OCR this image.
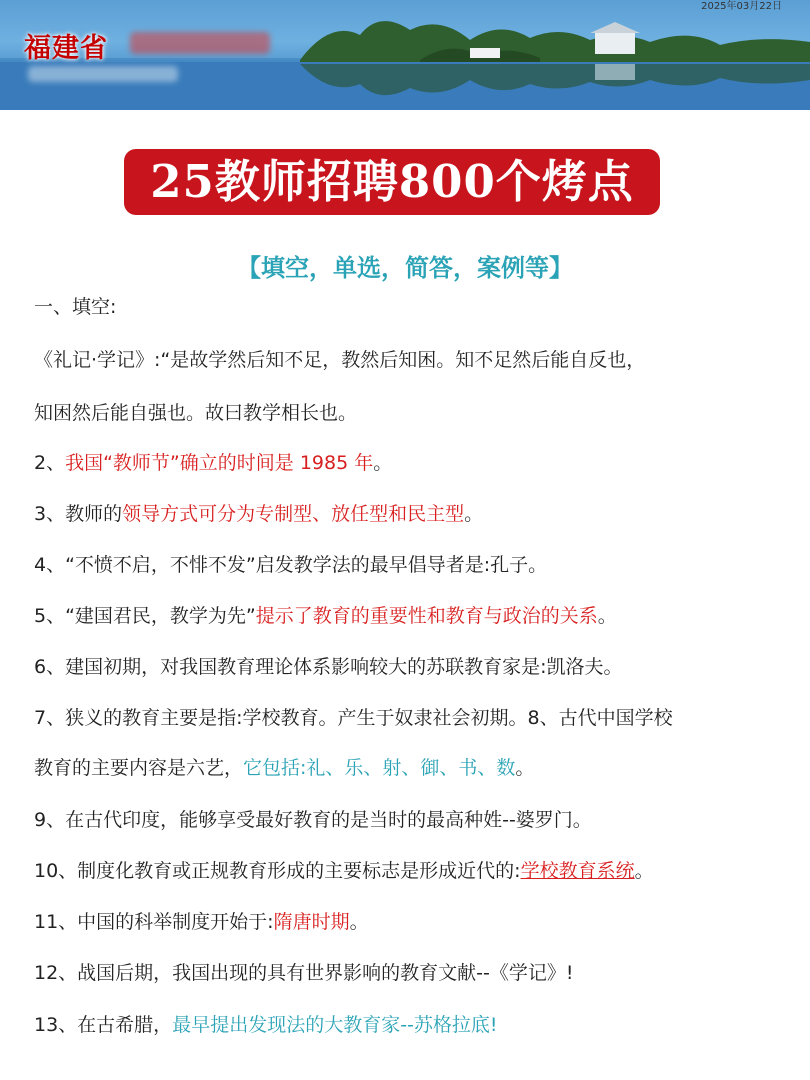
福建省
2025年03月22日
25教师招聘800个烤点
【填空，单选，简答，案例等】
一、填空:
《礼记·学记》:“是故学然后知不足，教然后知困。知不足然后能自反也，
知困然后能自强也。故曰教学相长也。
2、我国“教师节”确立的时间是 1985 年。
3、教师的领导方式可分为专制型、放任型和民主型。
4、“不愤不启，不悱不发”启发教学法的最早倡导者是:孔子。
5、“建国君民，教学为先”提示了教育的重要性和教育与政治的关系。
6、建国初期，对我国教育理论体系影响较大的苏联教育家是:凯洛夫。
7、狭义的教育主要是指:学校教育。产生于奴隶社会初期。8、古代中国学校
教育的主要内容是六艺，它包括:礼、乐、射、御、书、数。
9、在古代印度，能够享受最好教育的是当时的最高种姓--婆罗门。
10、制度化教育或正规教育形成的主要标志是形成近代的:学校教育系统。
11、中国的科举制度开始于:隋唐时期。
12、战国后期，我国出现的具有世界影响的教育文献--《学记》!
13、在古希腊，最早提出发现法的大教育家--苏格拉底!
